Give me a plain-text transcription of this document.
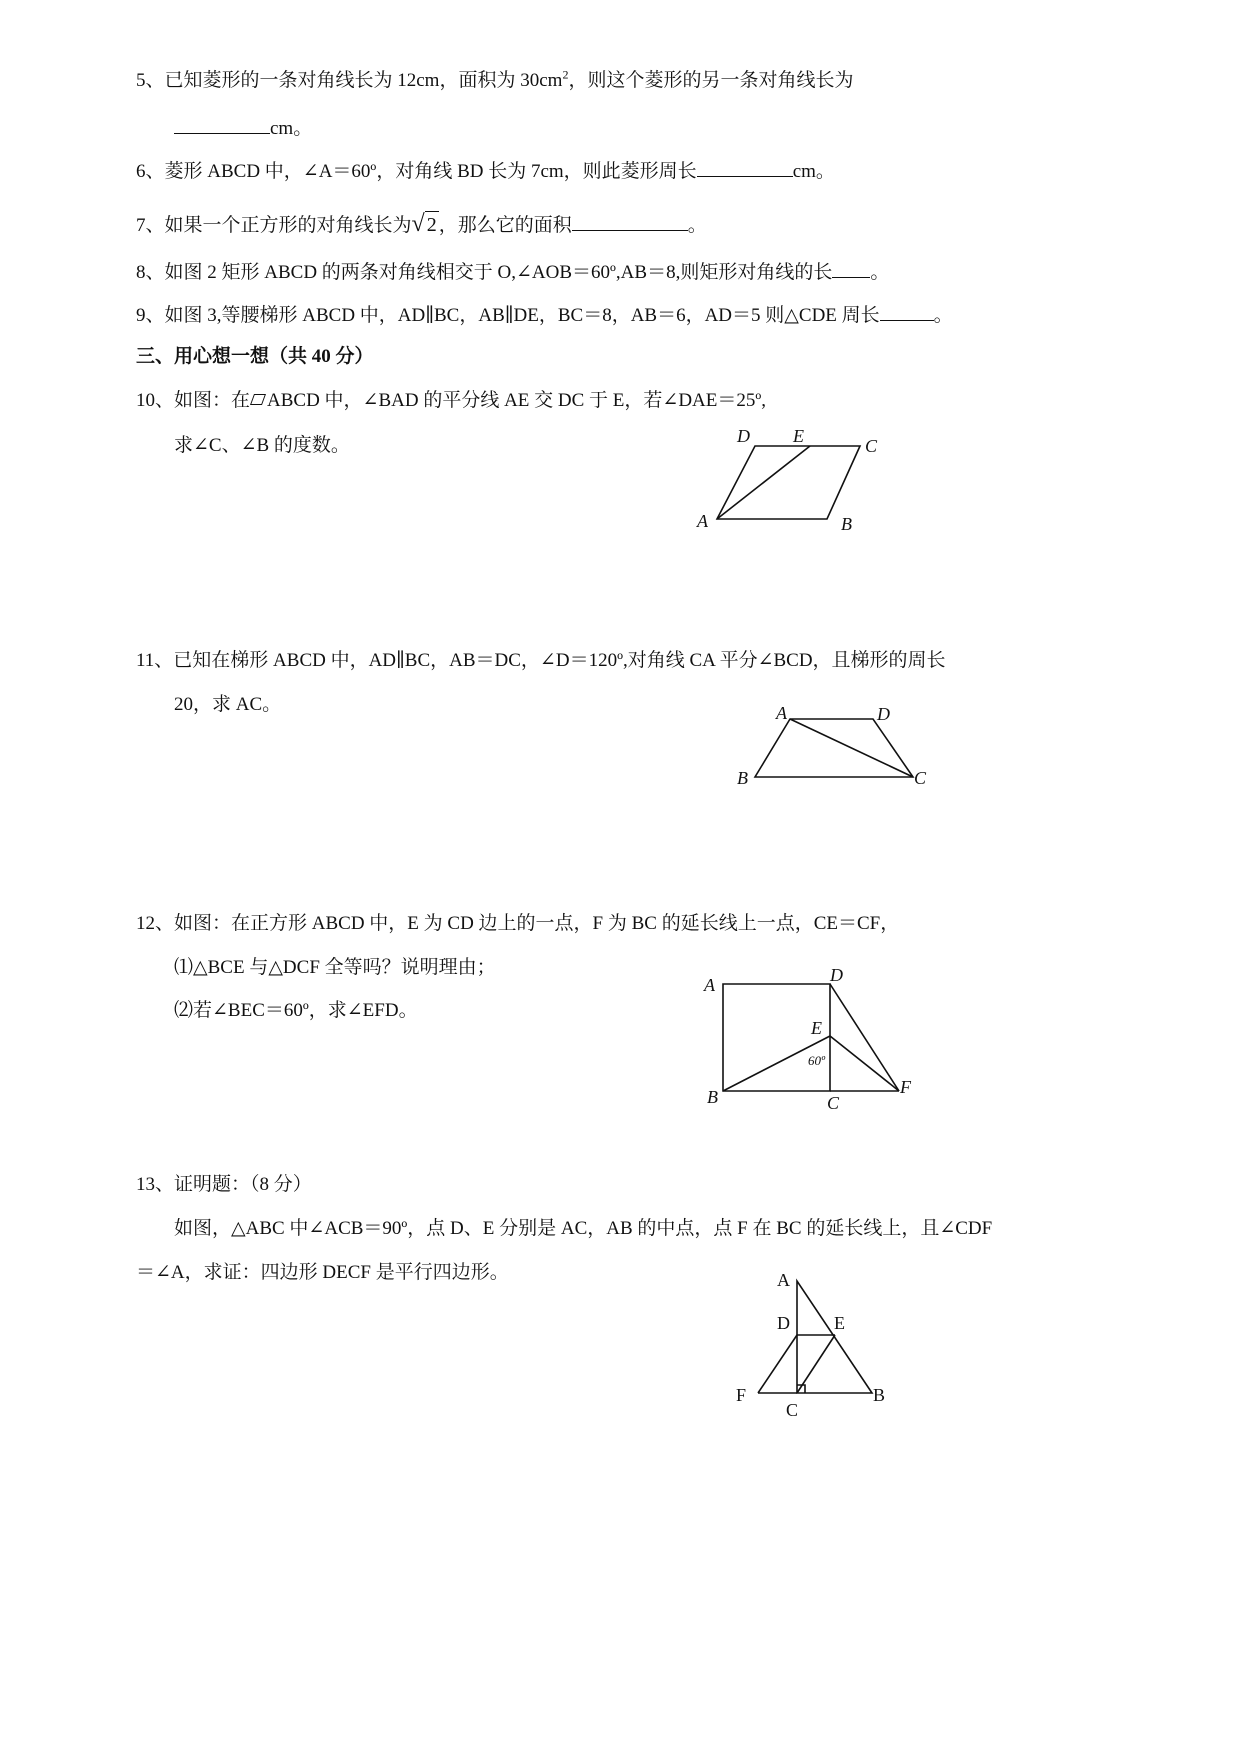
5、已知菱形的一条对角线长为 12cm，面积为 $30cm^2$，则这个菱形的另一条对角线长为
cm。
6、菱形 ABCD 中，∠A＝60º，对角线 BD 长为 7cm，则此菱形周长	cm。
7、如果一个正方形的对角线长为√ 2 ，那么它的面积	。
8、如图 2 矩形 ABCD 的两条对角线相交于 O,∠AOB＝60º,AB＝8,则矩形对角线的长 。
9、如图 3,等腰梯形 ABCD 中，AD∥BC，AB∥DE，BC＝8，AB＝6，AD＝5 则△CDE 周长	。
三、用心想一想（共 40 分）
10、如图：在 ABCD 中，∠BAD 的平分线 AE 交 DC 于 E，若∠DAE＝25º,
求∠C、∠B 的度数。	D E	C
A	B
11、已知在梯形 ABCD 中，AD∥BC，AB＝DC，∠D＝120º,对角线 CA 平分∠BCD，且梯形的周长
20，求 AC。	A	D
B	C
12、如图：在正方形 ABCD 中，E 为 CD 边上的一点，F 为 BC 的延长线上一点，CE＝CF，
⑴△BCE 与△DCF 全等吗？说明理由；
⑵若∠BEC＝60º，求∠EFD。
A	D
E
60º
B	C
F
13、证明题：（8 分）
如图，△ABC 中∠ACB＝90º，点 D、E 分别是 AC，AB 的中点，点 F 在 BC 的延长线上，且∠CDF
＝∠A，求证：四边形 DECF 是平行四边形。	A
D E
F
C
B
